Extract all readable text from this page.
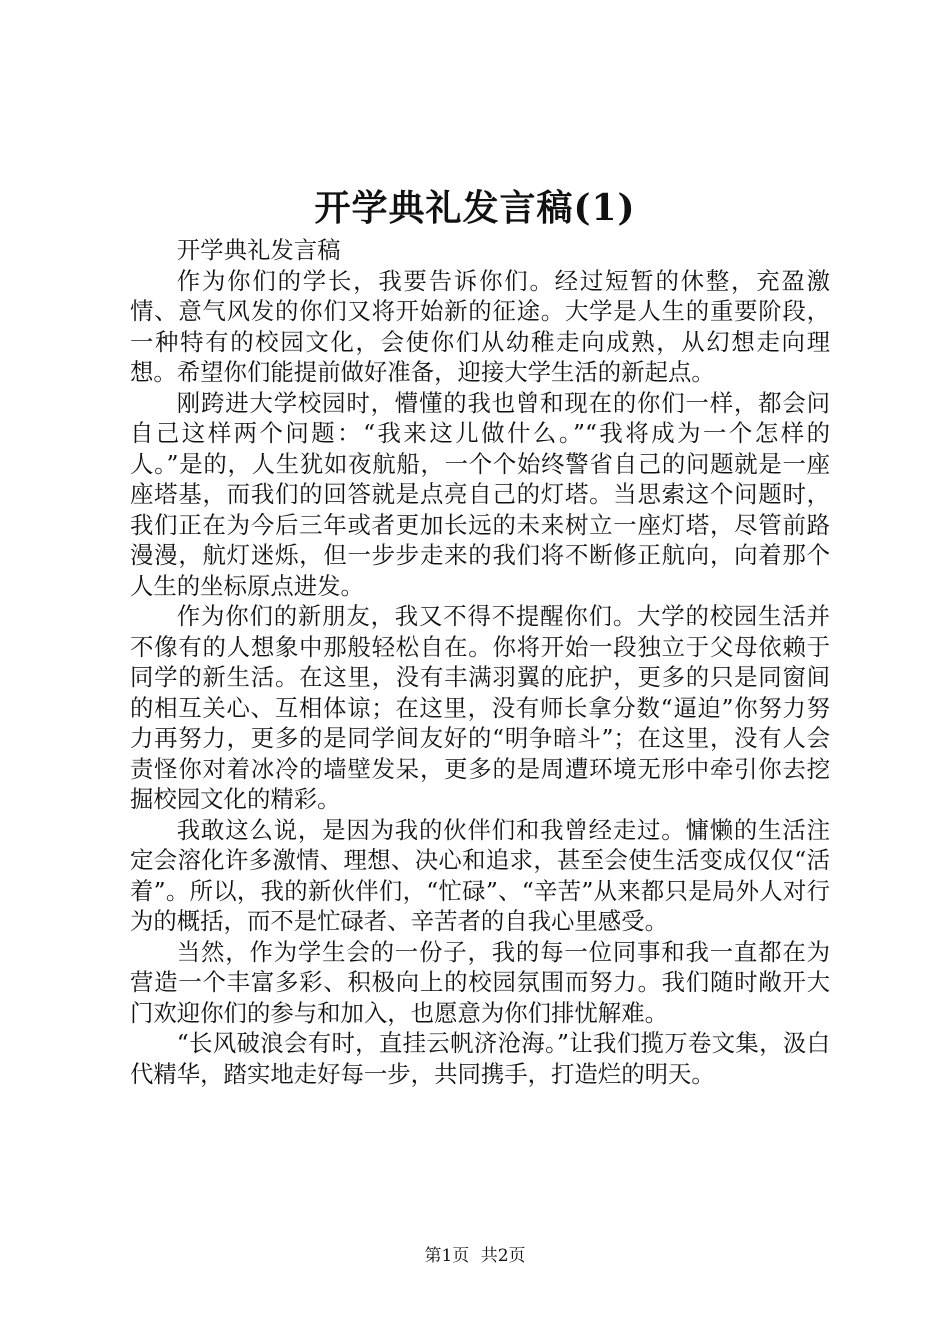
开学典礼发言稿(1)

开学典礼发言稿

作为你们的学长，我要告诉你们。经过短暂的休整，充盈激情、意气风发的你们又将开始新的征途。大学是人生的重要阶段，一种特有的校园文化，会使你们从幼稚走向成熟，从幻想走向理想。希望你们能提前做好准备，迎接大学生活的新起点。

刚跨进大学校园时，懵懂的我也曾和现在的你们一样，都会问自己这样两个问题：“我来这儿做什么。”“我将成为一个怎样的人。”是的，人生犹如夜航船，一个个始终警省自己的问题就是一座座塔基，而我们的回答就是点亮自己的灯塔。当思索这个问题时，我们正在为今后三年或者更加长远的未来树立一座灯塔，尽管前路漫漫，航灯迷烁，但一步步走来的我们将不断修正航向，向着那个人生的坐标原点进发。

作为你们的新朋友，我又不得不提醒你们。大学的校园生活并不像有的人想象中那般轻松自在。你将开始一段独立于父母依赖于同学的新生活。在这里，没有丰满羽翼的庇护，更多的只是同窗间的相互关心、互相体谅；在这里，没有师长拿分数“逼迫”你努力努力再努力，更多的是同学间友好的“明争暗斗”；在这里，没有人会责怪你对着冰冷的墙壁发呆，更多的是周遭环境无形中牵引你去挖掘校园文化的精彩。

我敢这么说，是因为我的伙伴们和我曾经走过。慵懒的生活注定会溶化许多激情、理想、决心和追求，甚至会使生活变成仅仅“活着”。所以，我的新伙伴们，“忙碌”、“辛苦”从来都只是局外人对行为的概括，而不是忙碌者、辛苦者的自我心里感受。

当然，作为学生会的一份子，我的每一位同事和我一直都在为营造一个丰富多彩、积极向上的校园氛围而努力。我们随时敞开大门欢迎你们的参与和加入，也愿意为你们排忧解难。

“长风破浪会有时，直挂云帆济沧海。”让我们揽万卷文集，汲白代精华，踏实地走好每一步，共同携手，打造烂的明天。

第1页 共2页
